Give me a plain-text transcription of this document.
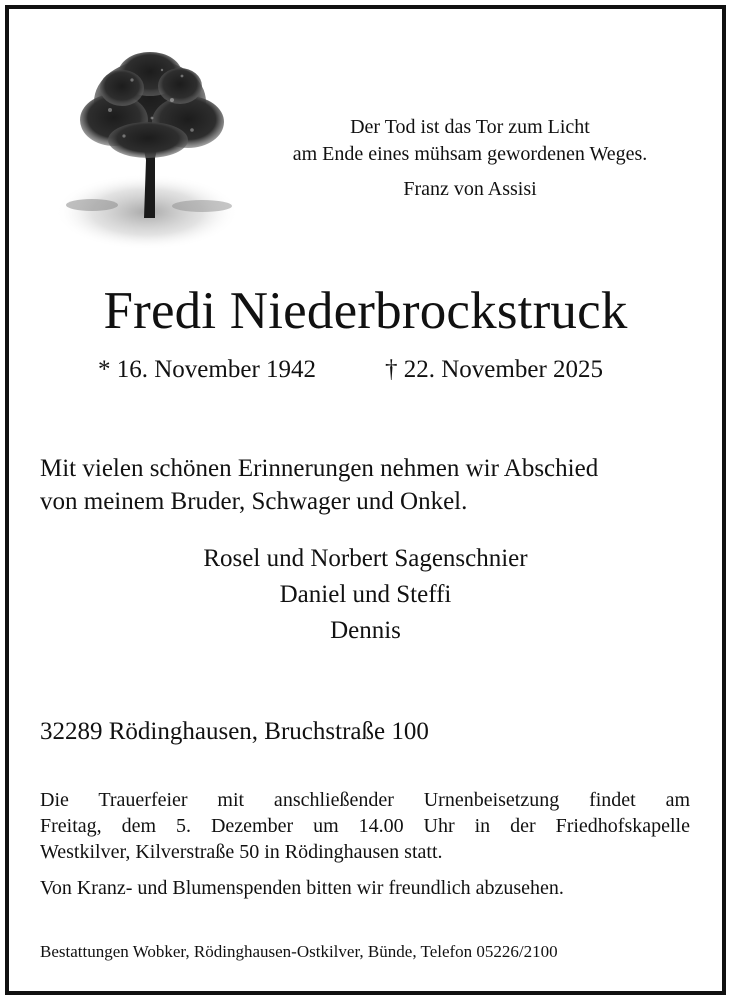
Der Tod ist das Tor zum Licht
am Ende eines mühsam gewordenen Weges.
Franz von Assisi
Fredi Niederbrockstruck
* 16. November 1942	† 22. November 2025
Mit vielen schönen Erinnerungen nehmen wir Abschied
von meinem Bruder, Schwager und Onkel.
Rosel und Norbert Sagenschnier
Daniel und Steffi
Dennis
32289 Rödinghausen, Bruchstraße 100
Die Trauerfeier mit anschließender Urnenbeisetzung findet am
Freitag, dem 5. Dezember um 14.00 Uhr in der Friedhofskapelle
Westkilver, Kilverstraße 50 in Rödinghausen statt.
Von Kranz- und Blumenspenden bitten wir freundlich abzusehen.
Bestattungen Wobker, Rödinghausen-Ostkilver, Bünde, Telefon 05226/2100
